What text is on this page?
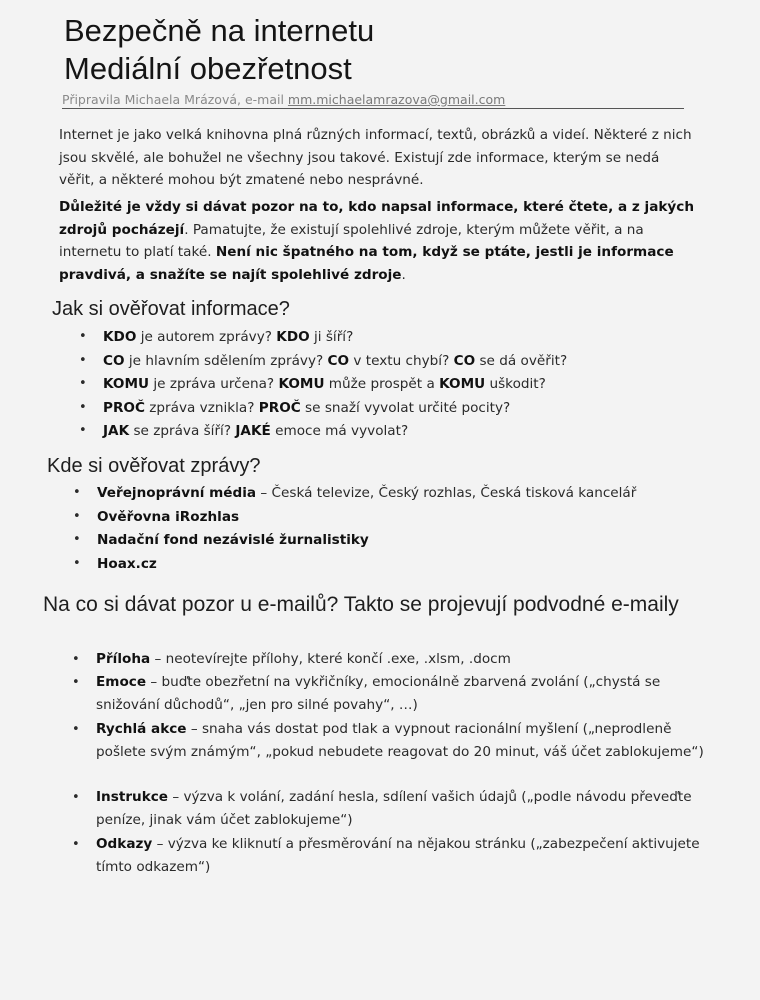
Bezpečně na internetu
Mediální obezřetnost
Připravila Michaela Mrázová, e-mail mm.michaelamrazova@gmail.com
Internet je jako velká knihovna plná různých informací, textů, obrázků a videí. Některé z nich jsou skvělé, ale bohužel ne všechny jsou takové. Existují zde informace, kterým se nedá věřit, a některé mohou být zmatené nebo nesprávné.
Důležité je vždy si dávat pozor na to, kdo napsal informace, které čtete, a z jakých zdrojů pocházejí. Pamatujte, že existují spolehlivé zdroje, kterým můžete věřit, a na internetu to platí také. Není nic špatného na tom, když se ptáte, jestli je informace pravdivá, a snažíte se najít spolehlivé zdroje.
Jak si ověřovat informace?
• KDO je autorem zprávy? KDO ji šíří?
• CO je hlavním sdělením zprávy? CO v textu chybí? CO se dá ověřit?
• KOMU je zpráva určena? KOMU může prospět a KOMU uškodit?
• PROČ zpráva vznikla? PROČ se snaží vyvolat určité pocity?
• JAK se zpráva šíří? JAKÉ emoce má vyvolat?
Kde si ověřovat zprávy?
• Veřejnoprávní média – Česká televize, Český rozhlas, Česká tisková kancelář
• Ověřovna iRozhlas
• Nadační fond nezávislé žurnalistiky
• Hoax.cz
Na co si dávat pozor u e-mailů? Takto se projevují podvodné e-maily
• Příloha – neotevírejte přílohy, které končí .exe, .xlsm, .docm
• Emoce – buďte obezřetní na vykřičníky, emocionálně zbarvená zvolání („chystá se snižování důchodů“, „jen pro silné povahy“, …)
• Rychlá akce – snaha vás dostat pod tlak a vypnout racionální myšlení („neprodleně pošlete svým známým“, „pokud nebudete reagovat do 20 minut, váš účet zablokujeme“)
• Instrukce – výzva k volání, zadání hesla, sdílení vašich údajů („podle návodu převeďte peníze, jinak vám účet zablokujeme“)
• Odkazy – výzva ke kliknutí a přesměrování na nějakou stránku („zabezpečení aktivujete tímto odkazem“)
